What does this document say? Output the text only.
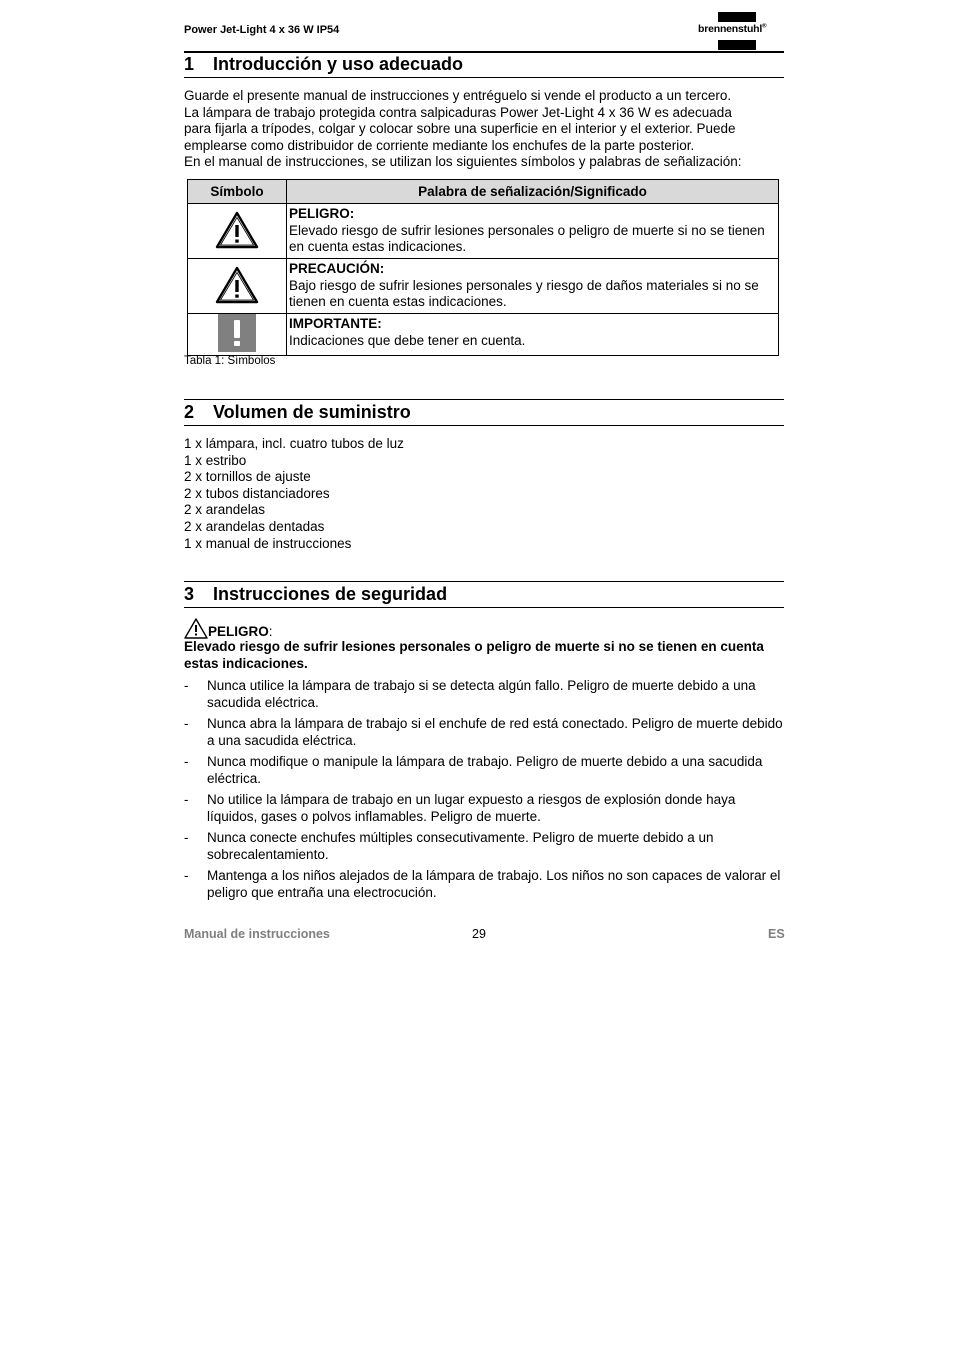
Power Jet-Light 4 x 36 W IP54	brennenstuhl®
1 Introducción y uso adecuado

Guarde el presente manual de instrucciones y entréguelo si vende el producto a un tercero.

La lámpara de trabajo protegida contra salpicaduras Power Jet-Light 4 x 36 W es adecuada

para fijarla a trípodes, colgar y colocar sobre una superficie en el interior y el exterior. Puede

emplearse como distribuidor de corriente mediante los enchufes de la parte posterior.

En el manual de instrucciones, se utilizan los siguientes símbolos y palabras de señalización:

Símbolo	Palabra de señalización/Significado

PELIGRO:
Elevado riesgo de sufrir lesiones personales o peligro de muerte si no se tienen en cuenta estas indicaciones.

PRECAUCIÓN:
Bajo riesgo de sufrir lesiones personales y riesgo de daños materiales si no se tienen en cuenta estas indicaciones.

IMPORTANTE:
Indicaciones que debe tener en cuenta.
Tabla 1: Símbolos
2 Volumen de suministro
1 x lámpara, incl. cuatro tubos de luz
1 x estribo
2 x tornillos de ajuste
2 x tubos distanciadores
2 x arandelas
2 x arandelas dentadas
1 x manual de instrucciones
3 Instrucciones de seguridad
PELIGRO:
Elevado riesgo de sufrir lesiones personales o peligro de muerte si no se tienen en cuenta estas indicaciones.
- Nunca utilice la lámpara de trabajo si se detecta algún fallo. Peligro de muerte debido a una sacudida eléctrica.
- Nunca abra la lámpara de trabajo si el enchufe de red está conectado. Peligro de muerte debido a una sacudida eléctrica.
- Nunca modifique o manipule la lámpara de trabajo. Peligro de muerte debido a una sacudida eléctrica.
- No utilice la lámpara de trabajo en un lugar expuesto a riesgos de explosión donde haya líquidos, gases o polvos inflamables. Peligro de muerte.
- Nunca conecte enchufes múltiples consecutivamente. Peligro de muerte debido a un sobrecalentamiento.
- Mantenga a los niños alejados de la lámpara de trabajo. Los niños no son capaces de valorar el peligro que entraña una electrocución.
Manual de instrucciones	29	ES
